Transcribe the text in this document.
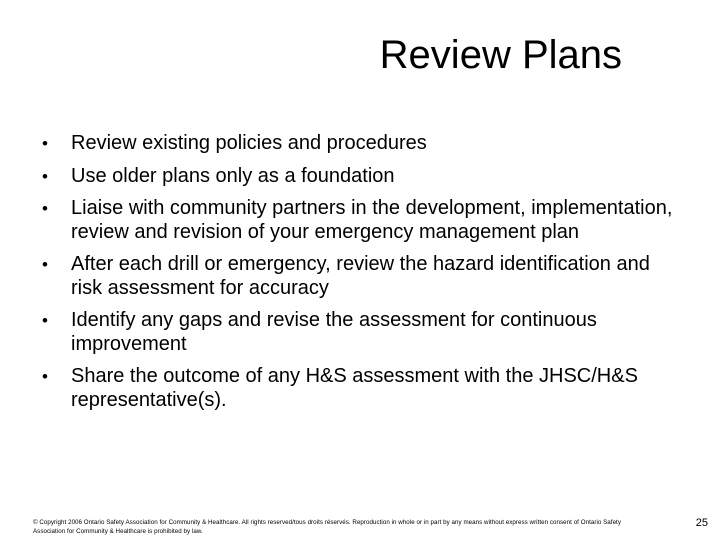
Review Plans
• Review existing policies and procedures
• Use older plans only as a foundation
• Liaise with community partners in the development, implementation, review and revision of your emergency management plan
• After each drill or emergency, review the hazard identification and risk assessment for accuracy
• Identify any gaps and revise the assessment for continuous improvement
• Share the outcome of any H&S assessment with the JHSC/H&S representative(s).
© Copyright 2006 Ontario Safety Association for Community & Healthcare. All rights reserved/tous droits réservés. Reproduction in whole or in part by any means without express written consent of Ontario Safety Association for Community & Healthcare is prohibited by law.
25
